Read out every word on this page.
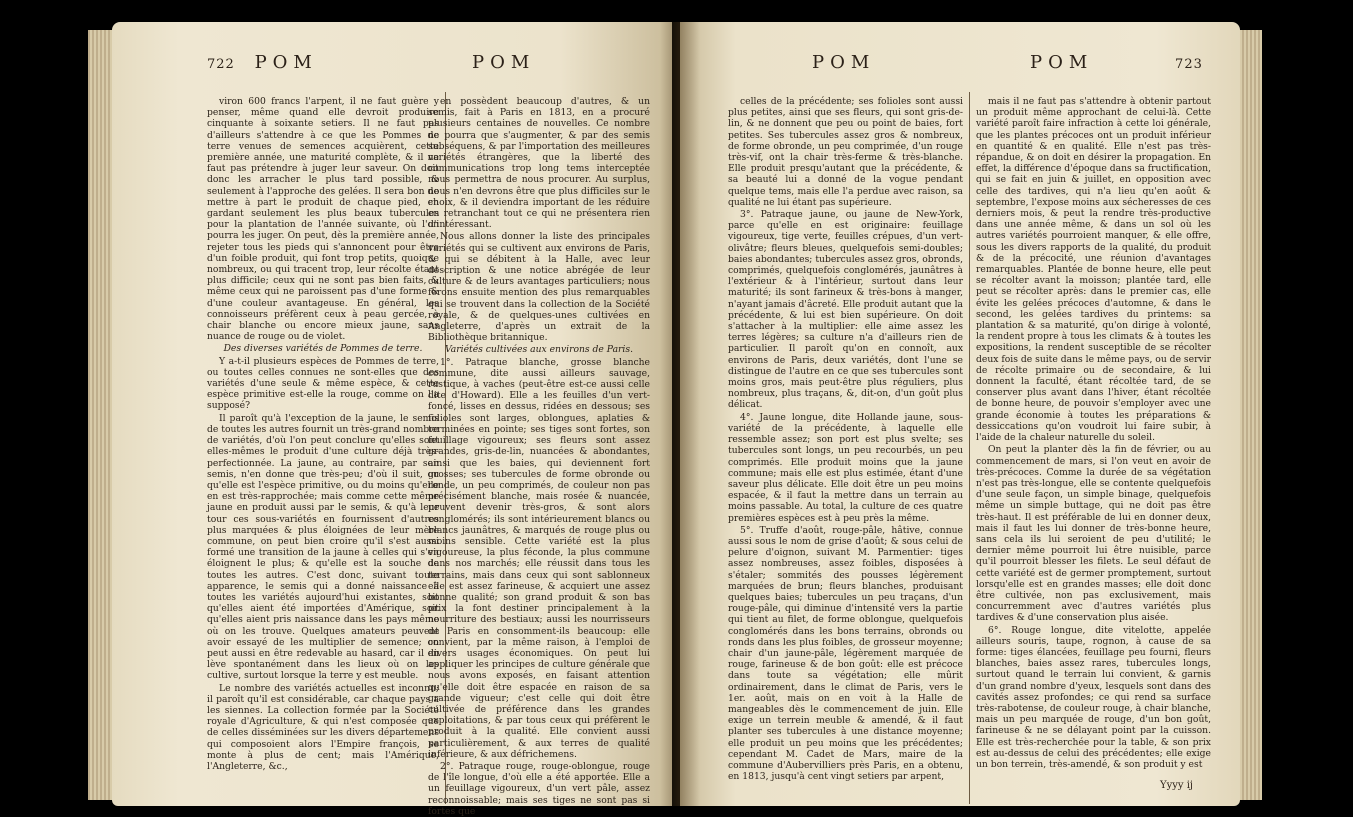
722 POM	POM

viron 600 francs l'arpent, il ne faut guère y penser, même quand elle devroit produire cinquante à soixante setiers. Il ne faut pas d'ailleurs s'attendre à ce que les Pommes de terre venues de semences acquièrent, cette première année, une maturité complète, & il ne faut pas prétendre à juger leur saveur. On doit donc les arracher le plus tard possible, & seulement à l'approche des gelées. Il sera bon de mettre à part le produit de chaque pied, en gardant seulement les plus beaux tubercules pour la plantation de l'année suivante, où l'on pourra les juger. On peut, dès la première année, rejeter tous les pieds qui s'annoncent pour être d'un foible produit, qui font trop petits, quoique nombreux, ou qui tracent trop, leur récolte étant plus difficile; ceux qui ne sont pas bien faits, & même ceux qui ne paroissent pas d'une forme & d'une couleur avantageuse. En général, les connoisseurs préfèrent ceux à peau gercée, à chair blanche ou encore mieux jaune, sans nuance de rouge ou de violet.

Des diverses variétés de Pommes de terre.

Y a-t-il plusieurs espèces de Pommes de terre, ou toutes celles connues ne sont-elles que des variétés d'une seule & même espèce, & cette espèce primitive est-elle la rouge, comme on l'a supposé?

Il paroît qu'à l'exception de la jaune, le semis de toutes les autres fournit un très-grand nombre de variétés, d'où l'on peut conclure qu'elles sont elles-mêmes le produit d'une culture déjà très-perfectionnée. La jaune, au contraire, par son semis, n'en donne que très-peu; d'où il suit, ou qu'elle est l'espèce primitive, ou du moins qu'elle en est très-rapprochée; mais comme cette même jaune en produit aussi par le semis, & qu'à leur tour ces sous-variétés en fournissent d'autres plus marquées & plus éloignées de leur mère commune, on peut bien croire qu'il s'est aussi formé une transition de la jaune à celles qui s'en éloignent le plus; & qu'elle est la souche de toutes les autres. C'est donc, suivant toute apparence, le semis qui a donné naissance à toutes les variétés aujourd'hui existantes, soit qu'elles aient été importées d'Amérique, soit qu'elles aient pris naissance dans les pays même où on les trouve. Quelques amateurs peuvent avoir essayé de les multiplier de semence; on peut aussi en être redevable au hasard, car il en lève spontanément dans les lieux où on les cultive, surtout lorsque la terre y est meuble.

Le nombre des variétés actuelles est inconnu; il paroît qu'il est considérable, car chaque pays a les siennes. La collection formée par la Société royale d'Agriculture, & qui n'est composée que de celles disséminées sur les divers départemens qui composoient alors l'Empire françois, se monte à plus de cent; mais l'Amérique, l'Angleterre, &c.,

en possèdent beaucoup d'autres, & un semis, fait à Paris en 1813, en a procuré plusieurs centaines de nouvelles. Ce nombre ne pourra que s'augmenter, & par des semis subséquens, & par l'importation des meilleures variétés étrangères, que la liberté des communications trop long tems interceptée nous permettra de nous procurer. Au surplus, nous n'en devrons être que plus difficiles sur le choix, & il deviendra important de les réduire en retranchant tout ce qui ne présentera rien d'intéressant.

Nous allons donner la liste des principales variétés qui se cultivent aux environs de Paris, & qui se débitent à la Halle, avec leur description & une notice abrégée de leur culture & de leurs avantages particuliers; nous ferons ensuite mention des plus remarquables qui se trouvent dans la collection de la Société royale, & de quelques-unes cultivées en Angleterre, d'après un extrait de la Bibliothèque britannique.

Variétés cultivées aux environs de Paris.

1°. Patraque blanche, grosse blanche commune, dite aussi ailleurs sauvage, rustique, à vaches (peut-être est-ce aussi celle dite d'Howard). Elle a les feuilles d'un vert-foncé, lisses en dessus, ridées en dessous; ses folioles sont larges, oblongues, aplaties & terminées en pointe; ses tiges sont fortes, son feuillage vigoureux; ses fleurs sont assez grandes, gris-de-lin, nuancées & abondantes, ainsi que les baies, qui deviennent fort grosses; ses tubercules de forme obronde ou ronde, un peu comprimés, de couleur non pas précisément blanche, mais rosée & nuancée, peuvent devenir très-gros, & sont alors conglomérés; ils sont intérieurement blancs ou blancs jaunâtres, & marqués de rouge plus ou moins sensible. Cette variété est la plus vigoureuse, la plus féconde, la plus commune dans nos marchés; elle réussit dans tous les terrains, mais dans ceux qui sont sablonneux elle est assez farineuse, & acquiert une assez bonne qualité; son grand produit & son bas prix la font destiner principalement à la nourriture des bestiaux; aussi les nourrisseurs de Paris en consomment-ils beaucoup: elle convient, par la même raison, à l'emploi de divers usages économiques. On peut lui appliquer les principes de culture générale que nous avons exposés, en faisant attention qu'elle doit être espacée en raison de sa grande vigueur; c'est celle qui doit être cultivée de préférence dans les grandes exploitations, & par tous ceux qui préfèrent le produit à la qualité. Elle convient aussi particulièrement, & aux terres de qualité inférieure, & aux défrichemens.

2°. Patraque rouge, rouge-oblongue, rouge de l'île longue, d'où elle a été apportée. Elle a un feuillage vigoureux, d'un vert pâle, assez reconnoissable; mais ses tiges ne sont pas si fortes que

POM	POM	723

celles de la précédente; ses folioles sont aussi plus petites, ainsi que ses fleurs, qui sont gris-de-lin, & ne donnent que peu ou point de baies, fort petites. Ses tubercules assez gros & nombreux, de forme obronde, un peu comprimée, d'un rouge très-vif, ont la chair très-ferme & très-blanche. Elle produit presqu'autant que la précédente, & sa beauté lui a donné de la vogue pendant quelque tems, mais elle l'a perdue avec raison, sa qualité ne lui étant pas supérieure.

3°. Patraque jaune, ou jaune de New-York, parce qu'elle en est originaire: feuillage vigoureux, tige verte, feuilles crépues, d'un vert-olivâtre; fleurs bleues, quelquefois semi-doubles; baies abondantes; tubercules assez gros, obronds, comprimés, quelquefois conglomérés, jaunâtres à l'extérieur & à l'intérieur, surtout dans leur maturité; ils sont farineux & très-bons à manger, n'ayant jamais d'âcreté. Elle produit autant que la précédente, & lui est bien supérieure. On doit s'attacher à la multiplier: elle aime assez les terres légères; sa culture n'a d'ailleurs rien de particulier. Il paroît qu'on en connoît, aux environs de Paris, deux variétés, dont l'une se distingue de l'autre en ce que ses tubercules sont moins gros, mais peut-être plus réguliers, plus nombreux, plus traçans, &, dit-on, d'un goût plus délicat.

4°. Jaune longue, dite Hollande jaune, sous-variété de la précédente, à laquelle elle ressemble assez; son port est plus svelte; ses tubercules sont longs, un peu recourbés, un peu comprimés. Elle produit moins que la jaune commune; mais elle est plus estimée, étant d'une saveur plus délicate. Elle doit être un peu moins espacée, & il faut la mettre dans un terrain au moins passable. Au total, la culture de ces quatre premières espèces est à peu près la même.

5°. Truffe d'août, rouge-pâle, hâtive, connue aussi sous le nom de grise d'août; & sous celui de pelure d'oignon, suivant M. Parmentier: tiges assez nombreuses, assez foibles, disposées à s'étaler; sommités des pousses légèrement marquées de brun; fleurs blanches, produisant quelques baies; tubercules un peu traçans, d'un rouge-pâle, qui diminue d'intensité vers la partie qui tient au filet, de forme oblongue, quelquefois conglomérés dans les bons terrains, obronds ou ronds dans les plus foibles, de grosseur moyenne; chair d'un jaune-pâle, légèrement marquée de rouge, farineuse & de bon goût: elle est précoce dans toute sa végétation; elle mûrit ordinairement, dans le climat de Paris, vers le 1er. août, mais on en voit à la Halle de mangeables dès le commencement de juin. Elle exige un terrein meuble & amendé, & il faut planter ses tubercules à une distance moyenne; elle produit un peu moins que les précédentes; cependant M. Cadet de Mars, maire de la commune d'Aubervilliers près Paris, en a obtenu, en 1813, jusqu'à cent vingt setiers par arpent,

mais il ne faut pas s'attendre à obtenir partout un produit même approchant de celui-là. Cette variété paroît faire infraction à cette loi générale, que les plantes précoces ont un produit inférieur en quantité & en qualité. Elle n'est pas très-répandue, & on doit en désirer la propagation. En effet, la différence d'époque dans sa fructification, qui se fait en juin & juillet, en opposition avec celle des tardives, qui n'a lieu qu'en août & septembre, l'expose moins aux sécheresses de ces derniers mois, & peut la rendre très-productive dans une année même, & dans un sol où les autres variétés pourroient manquer, & elle offre, sous les divers rapports de la qualité, du produit & de la précocité, une réunion d'avantages remarquables. Plantée de bonne heure, elle peut se récolter avant la moisson; plantée tard, elle peut se récolter après: dans le premier cas, elle évite les gelées précoces d'automne, & dans le second, les gelées tardives du printems: sa plantation & sa maturité, qu'on dirige à volonté, la rendent propre à tous les climats & à toutes les expositions, la rendent susceptible de se récolter deux fois de suite dans le même pays, ou de servir de récolte primaire ou de secondaire, & lui donnent la faculté, étant récoltée tard, de se conserver plus avant dans l'hiver, étant récoltée de bonne heure, de pouvoir s'employer avec une grande économie à toutes les préparations & dessiccations qu'on voudroit lui faire subir, à l'aide de la chaleur naturelle du soleil.

On peut la planter dès la fin de février, ou au commencement de mars, si l'on veut en avoir de très-précoces. Comme la durée de sa végétation n'est pas très-longue, elle se contente quelquefois d'une seule façon, un simple binage, quelquefois même un simple buttage, qui ne doit pas être très-haut. Il est préférable de lui en donner deux, mais il faut les lui donner de très-bonne heure, sans cela ils lui seroient de peu d'utilité; le dernier même pourroit lui être nuisible, parce qu'il pourroit blesser les filets. Le seul défaut de cette variété est de germer promptement, surtout lorsqu'elle est en grandes masses; elle doit donc être cultivée, non pas exclusivement, mais concurremment avec d'autres variétés plus tardives & d'une conservation plus aisée.

6°. Rouge longue, dite vitelotte, appelée ailleurs souris, taupe, rognon, à cause de sa forme: tiges élancées, feuillage peu fourni, fleurs blanches, baies assez rares, tubercules longs, surtout quand le terrain lui convient, & garnis d'un grand nombre d'yeux, lesquels sont dans des cavités assez profondes; ce qui rend sa surface très-rabotense, de couleur rouge, à chair blanche, mais un peu marquée de rouge, d'un bon goût, farineuse & ne se délayant point par la cuisson. Elle est très-recherchée pour la table, & son prix est au-dessus de celui des précédentes; elle exige un bon terrein, très-amendé, & son produit y est

Yyyy ij
